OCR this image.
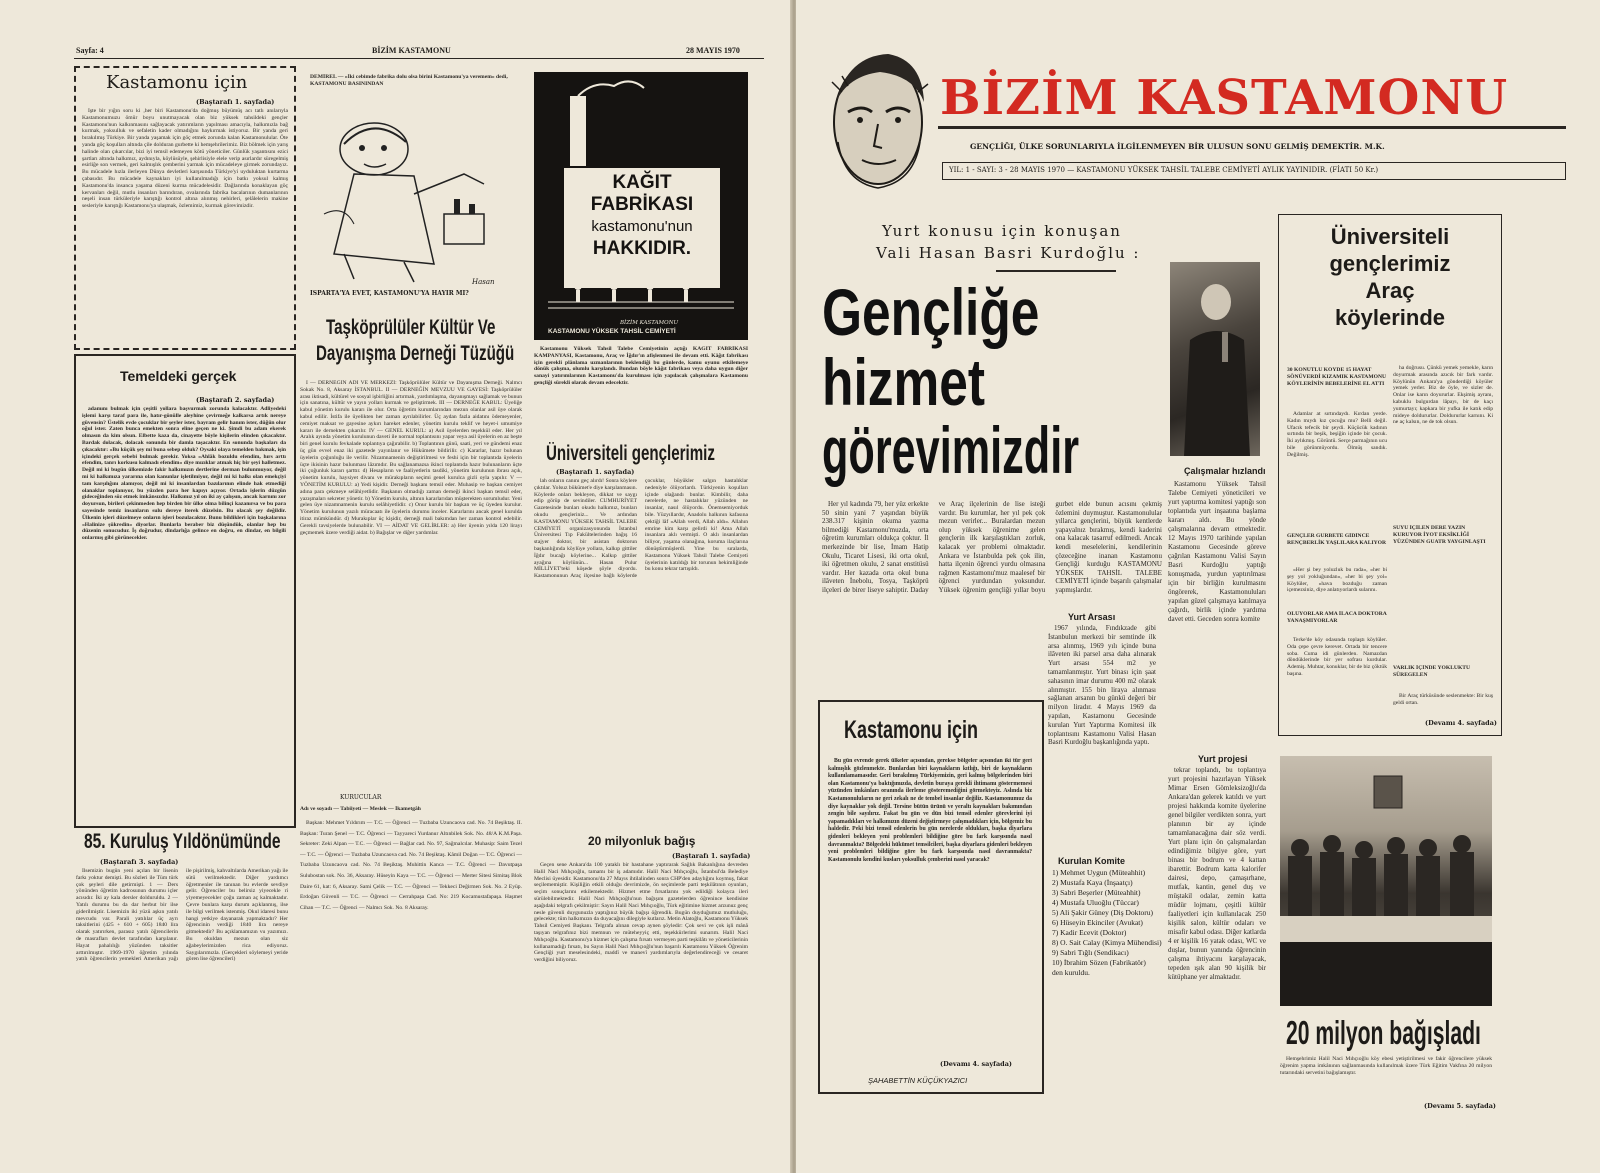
Sayfa: 4	BİZİM KASTAMONU	28 MAYIS 1970
Kastamonu için
(Baştarafı 1. sayfada)

İşte bir yığın soru ki ,her biri Kastamonu'da doğmuş büyümüş acı tatlı anılarıyla Kastamonumuzu ömür boyu unutmayacak olan biz yüksek tahsildeki gençler Kastamonu'nun kalkınmasını sağlayacak yatırımların yapılması amacıyla, halkımızla bağ kurmak, yoksulluk ve sefaletin kader olmadığını haykırmak istiyoruz. Bir yanda geri bırakılmış Türkiye. Bir yanda yaşamak için göç etmek zorunda kalan Kastamonulular. Öte yanda göç koşulları altında çile dolduran gurbette ki hemşehrilerimiz. Biz bölmek için yarış halinde olan çıkarcılar, bizi iyi temsil edemeyen kötü yöneticiler. Günlük yaşantısını ezici şartları altında halkımız, aydınıyla, köylüsüyle, şehirlisiyle elele verip asırlardır süregelmiş esirliğe son vermek, geri kalmışlık çemberini yarmak için mücadeleye girmek zorundayız. Bu mücadele hızla ilerleyen Dünya devletleri karşısında Türkiye'yi uyduluktan kurtarma çabasıdır. Bu mücadele kaynakları iyi kullanılmadığı için batkı yoksul kalmış Kastamonu'da insanca yaşama düzeni kurma mücadelesidir. Dağlarında konaklayan göç kervanları değil, mutlu insanları barındıran, ovalarında fabrika bacalarının dumanlarının neşeli insan türküleriyle karıştığı kontrol altına alınmış nehirleri, şelâlelerin makine sesleriyle karıştığı Kastamonu'ya ulaşmak, özlemimiz, kurmak görevimizdir.

DEMİREL — «İki cebimde fabrika dolu olsa birini Kastamonu'ya veremem» dedi, KASTAMONU BASININDAN
Hasan
ISPARTA'YA EVET, KASTAMONU'YA HAYIR MI?
Taşköprülüler Kültür Ve
Dayanışma Derneği Tüzüğü
KAĞIT
FABRİKASI
kastamonu'nun
HAKKIDIR.
BİZİM KASTAMONU
KASTAMONU YÜKSEK TAHSİL CEMİYETİ

Kastamonu Yüksek Tahsil Talebe Cemiyetinin açtığı KAĞIT FABRİKASI KAMPANYASI, Kastamonu, Araç ve İğdır'ın afişlenmesi ile devam etti. Kâğıt fabrikası için gerekli plânlama uzmanlarının beklendiği bu günlerde, kamu oyunu etkilemeye dönük çalışma, olumlu karşılandı. Bundan böyle kâğıt fabrikası veya daha uygun diğer sanayi yatırımlarının Kastamonu'da kurulması için yapılacak çalışmalara Kastamonu gençliği sürekli olarak devam edecektir.

Temeldeki gerçek
(Baştarafı 2. sayfada)

adamını bulmak için çeşitli yollara başvurmak zorunda kalacaktır. Adliyedeki işlemi karşı taraf para ile, hatır-gönülle aleyhine çevirmeğe kalkarsa artık nereye güvensin? Üstelik evde çocuklar bir şeyler ister, bayram gelir hanım ister, düğün olur oğul ister. Zaten bunca emekten sonra eline geçen ne ki. Şimdi bu adam ekerek olmasın da kim olsun. Elbette kaza da, cinayette böyle kişilerin elinden çıkacaktır. Bardak dolacak, dolacak sonunda bir damla taşacaktır. En sonunda başkaları da çıkacaktır: «Bu küçük şey mi buna sebep olduk? Oysaki olaya temelden bakmak, işin içindeki gerçek sebebi bulmak gerekir. Yoksa «Ahlâk bozuldu efendim, hırs arttı efendim, tanrı korkusu kalmadı efendim» diye mızıklar atmak hiç bir şeyi halletmez. Değil mi ki bugün ülkemizde fakir halkımızın dertlerine derman bulunmuyor, değil mi ki halkımıza yararına olan kanunlar işletilmiyor, değil mi ki halkı olan emekçiyi tam karşılığını alamıyor, değil mi ki insanlardan bazılarının elinde hak etmediği olanaklar toplanıyor, bu yüzden para her kapıyı açıyor. Ortada işlerin düzgün gideceğinden söz etmek imkânsızdır. Halkımız yıl on iki ay çalışsın, ancak karnını zor doyursun, birileri çekinmeden hep birden bir ülke olma bilinçi kazanırsa ve bu para sayesinde temiz insanların sulu dereye iterek düzelsin. Bu olacak şey değildir. Ülkenin işleri düzelmeye onların işleri bozulacaktır. Bunu bildikleri için başkalarına «Halinize şükredin» diyorlar. Bunlarla beraber biz düşündük, olanlar hep bu düzenin sonucudur. İş doğrudur, dindarlığa gelince en doğru, en dindar, en bilgili onlarmış gibi görünecekler.

I — DERNEĞİN ADI VE MERKEZİ: Taşköprülüler Kültür ve Dayanışma Derneği. Nalmcı Sokak No. 8, Aksaray İSTANBUL. II — DERNEĞİN MEVZUU VE GAYESİ: Taşköprülüler arası iktisadi, kültürel ve sosyal işbirliğini artırmak, yardımlaşma, dayanışmayı sağlamak ve bunun için sanatına, kültür ve yayın yolları kurmak ve geliştirmek. III — DERNEĞE KABUL: Üyeliğe kabul yönetim kurulu kararı ile olur. Orta öğretim kurumlarından mezun olanlar asil üye olarak kabul edilir. İstifa ile üyelikten her zaman ayrılabilirler. Üç aydan fazla aidatını ödemeyenler, cemiyet maksat ve gayesine aykırı hareket edenler, yönetim kurulu teklif ve heyet-i umumiye kararı ile dernekten çıkarılır. IV — GENEL KURUL: a) Asil üyelerden teşekkül eder. Her yıl Aralık ayında yönetim kurulunun daveti ile normal toplantısını yapar veya asil üyelerin en az beşte biri genel kurulu fevkalade toplantıya çağırabilir. b) Toplantının günü, saati, yeri ve gündemi enaz üç gün evvel enaz iki gazetede yayınlanır ve Hükümete bildirilir. c) Kararlar, hazır bulunan üyelerin çoğunluğu ile verilir. Nizamnamenin değiştirilmesi ve feshi için bir toplantıda üyelerin üçte ikisinin hazır bulunması lâzımdır. Bu sağlanamazsa ikinci toplantıda hazır bulunanların üçte iki çoğunluk kararı şarttır. d) Hesapların ve faaliyetlerin tasdiki, yönetim kurulunun ibrası açık, yönetim kurulu, haysiyet divanı ve mürakıpların seçimi genel kurulca gizli oyla yapılır. V — YÖNETİM KURULU: a) Yedi kişidir. Derneği başkanı temsil eder. Muhasip ve başkan cemiyet adına para çekmeye selâhiyetlidir. Başkanın olmadığı zaman derneği ikinci başkan temsil eder, yazışmaları sekreter yönetir. b) Yönetim kurulu, altının kararlarıdan müşterekten sorumludur. Yeni gelen üye nizamnamenin kurulu selâhiyetlidir. c) Onur kurulu bir başkan ve üç üyeden kurulur. Yönetim kurulunun yazılı müracaatı ile üyelerin durumu inceler. Kararlarını ancak genel kurulda itiraz mümkündür. d) Murakıplar üç kişidir, derneği mali bakımdan her zaman kontrol edebilir. Gerekli tavsiyelerde bulunabilir. VI — AİDAT VE GELİRLER: a) Her üyenin yılda 120 lirayı geçmemek üzere verdiği aidat. b) Bağışlar ve diğer yardımlar.

KURUCULAR
Adı ve soyadı — Tabiiyeti — Meslek — İkametgâh

Başkan: Mehmet Yıldırım — T.C. — Öğrenci — Tuzbaba Uzuncaova cad. No. 74 Beşiktaş. II. Başkan: Turan Şenel — T.C. Öğrenci — Tayyareci Yurdanur Altınbilek Sok. No. 48/A K.M.Paşa. Sekreter: Zeki Alpan — T.C. — Öğrenci — Bağlar cad. No. 97, Sağmalcılar. Muhasip: Saim Tezel — T.C. — Öğrenci — Tuzbaba Uzuncaova cad. No. 74 Beşiktaş. Kâmil Doğan — T.C. Öğrenci — Tuzbaba Uzuncaova cad. No. 74 Beşiktaş. Muhittin Kanca — T.C. Öğrenci — Davutpaşa Sulubostan sok. No. 36, Aksaray. Hüseyin Kaya — T.C. — Öğrenci — Merter Sitesi Simitaş Blok Daire 61, kat: 6, Aksaray. Sami Çelik — T.C. — Öğrenci — Tekkeci Değirmen Sok. No. 2 Eyüp. Erdoğan Güvenli — T.C. — Öğrenci — Cerrahpaşa Cad. No: 219 Kocamustafapaşa. Haşmet Cihan — T.C. — Öğrenci — Nalmcı Sok. No. 8 Aksaray.

85. Kuruluş Yıldönümünde
(Baştarafı 3. sayfada)

İlsemizin bugün yeni açılan bir lisenin farkı yoktur demişti. Bu sözleri ile Tüm türk çok şeyleri dile getirmişti. 1 — Ders yönünden öğretim kadrosunun durumu içler acısıdır. İki ay kala dersler dolduruldu. 2 — Yatılı durumu bu da dar herbut bir ilse giderilmiştir. Lisemizin iki yüzü aşkın yatılı mevcudu var. Parali yatılılar üç ayrı taksitlerini (425 + 610 + 605) 1840 lira olarak yatırırken, parasız yatılı öğrencilerin de masrafları devlet tarafından karşılanır. Hayat pahalılığı yüzünden taksitler arttırılmıştır. 1969-1970 öğretim yılında yatılı öğrencilerin yemekleri Amerikan yağı ile pişirilmiş, kahvaltılarda Amerikan yağı ile sütü verilmektedir. Diğer yardımcı öğretmenler ile tanınan bu evlerde sevdiye gelir. Öğrenciler bu belirsiz yiyecekle ri yiyemeyecekler çoğu zaman aç kalmaktadır. Çevre bunlara karşı durum açıklanmış, ilse ile bilgi verilmek istenmiş. Okul idaresi bunu hangi yetkiye dayanarak yapmaktadır? Her öğrencinin verdiği 1840 lira nereye gitmektedir? Bu açıklamamızın vu yazımızı. Bu okuldan mezun olan siz ağabeylerimizden rica ediyoruz. Saygılarımızla. (Gerçekleri söylemeyi yeride gören lise öğrencileri)

Üniversiteli gençlerimiz
(Baştarafı 1. sayfada)

lah onların canını geç alırdı! Sonra köylere çıktılar. Yolsuz bükümet'e diye karşılanmasın. Köylerde onları bekleyen, dikkat ve saygı edip görüp de sevindiler. CUMHURİYET Gazetesinde bunları okudu halkımız, bunları okudu gençleriniz... Ve ardından KASTAMONU YÜKSEK TAHSİL TALEBE CEMİYETİ organizasyonunda İstanbul Üniversitesi Tıp Fakültelerinden bağış 16 stajyer doktor, bir asistan doktorun başkanlığında köylüye yollara, kalkıp gittiler İğdır bucağı köylerine... Kalkıp gittiler ayağına köylünün... Hasan Pulur MİLLİYET'teki köşede şöyle diyordu. Kastamonunun Araç ilçesine bağlı köylerde çocuklar, büyükler salgın hastalıklar nedeniyle ölüyorlardı. Türkiyenin koşulları içinde olağandı bunlar. Kimbilir, daha nerelerde, ne hastalıklar yüzünden ne insanlar, nasıl ölüyordu. Önemsemiyorduk bile. Yüzyıllardır, Anadolu halkının kafasına çektiği lâf «Allah verdi, Allah aldı». Allahın emrine kim karşı gelirdi ki! Ama Allah insanlara aklı vermişti. O aklı insanlardan biliyor, yaşama olanağına, koruma ilaçlarına dönüştürmüşlerdi. Yine bu sıralarda, Kastamonu Yüksek Tahsil Talebe Cemiyeti üyelerinin katıldığı bir torunun hekimliğinde bu konu tekrar tartışıldı.

20 milyonluk bağış
(Baştarafı 1. sayfada)

Geçen sene Ankara'da 100 yataklı bir hastahane yaptırarak Sağlık Bakanlığına devreden Halil Naci Mıhçıoğlu, tamamı bir iş adamıdır. Halil Naci Mıhçıoğlu, İstanbul'da Belediye Meclisi üyesidir. Kastamonu'da 27 Mayıs ihtilalinden sonra CHP'den adaylığını koymuş, fakat seçilememiştir. Kişiliğin etkili olduğu devrimizde, ön seçimlerde parti teşkilâtının oyunları, seçim sonuçlarını etkilemektedir. Hizmet etme fırsatlarını yok edildiği kolayca ileri sürülebilmektedir. Halil Naci Mıhçıoğlu'nun bağışını gazetelerden öğrenince kendisine aşağıdaki telgrafı çekilmiştir: Sayın Halil Naci Mıhçıoğlu, Türk eğitimine hizmet arzunuz genç nesle güvenli duygunuzla yaptığınız büyük bağışı öğrendik. Bugün duyduğumuz mutluluğu, gelecekte; tüm halkımızın da duyacağını dilegiyle kutlarız. Metin Alatoğlu, Kastamonu Yüksek Tahsil Cemiyeti Başkanı. Telgrafa alınan cevap aynen şöyledir: Çok sevi ve çok işli mânâ taşıyan telgrafınız bizi memnun ve müteheyyiç etti, teşekkürlerimi sunarım. Halil Naci Mıhçıoğlu. Kastamonu'ya hizmet için çalışma fırsatı vermeyen parti teşkilâtı ve yöneticilerinin kullanamadığı fırsatı, bu Sayın Halil Naci Mıhçıoğlu'nun başarılı Kastamonu Yüksek Öğrenim Gençliği yurt meselesindeki, maddî ve manevî yardımlarıyla değerlendireceği ve cesaret verdiğini biliyoruz.

BİZİM KASTAMONU
GENÇLİĞI, ÜLKE SORUNLARIYLA İLGİLENMEYEN BİR ULUSUN SONU GELMİŞ DEMEKTİR. M.K.
YIL: 1 - SAYI: 3 - 28 MAYIS 1970 — KASTAMONU YÜKSEK TAHSİL TALEBE CEMİYETİ AYLIK YAYINIDIR. (FİATI 50 Kr.)
Yurt konusu için konuşan
Vali Hasan Basri Kurdoğlu :
Gençliğe
hizmet
görevimizdir

Her yıl kadında 79, her yüz erkekte 50 sinin yani 7 yaşından büyük 238.317 kişinin okuma yazma bilmediği Kastamonu'muzda, orta öğretim kurumları oldukça çoktur. İl merkezinde bir lise, İmam Hatip Okulu, Ticaret Lisesi, iki orta okul, iki öğretmen okulu, 2 sanat enstitüsü vardır. Her kazada orta okul buna ilâveten İnebolu, Tosya, Taşköprü ilçeleri de birer liseye sahiptir. Daday ve Araç ilçelerinin de lise isteği vardır. Bu kurumlar, her yıl pek çok mezun verirler... Buralardan mezun olup yüksek öğrenime gelen gençlerin ilk karşılaştıkları zorluk, kalacak yer problemi olmaktadır. Ankara ve İstanbulda pek çok ilin, hatta ilçenin öğrenci yurdu olmasına rağmen Kastamonu'muz maalesef bir öğrenci yurdundan yoksundur. Yüksek öğrenim gençliği yıllar boyu gurbet elde bunun acısını çekmiş özlemini duymuştur. Kastamonulular yıllarca gençlerini, büyük kentlerde yapayalnız bırakmış, kendi kaderini ona kalacak tasarruf edilmedi. Ancak kendi meselelerini, kendilerinin çözeceğine inanan Kastamonu Gençliği kurduğu KASTAMONU YÜKSEK TAHSİL TALEBE CEMİYETİ içinde başarılı çalışmalar yapmışlardır.

Yurt Arsası

1967 yılında, Fındıkzade gibi İstanbulun merkezi bir semtinde ilk arsa alınmış, 1969 yılı içinde buna ilâveten iki parsel arsa daha alınarak Yurt arsası 554 m2 ye tamamlanmıştır. Yurt binası için şaat sahasının imar durumu 400 m2 olarak alınmıştır. 155 bin liraya alınması sağlanan arsanın bu günkü değeri bir milyon liradır. 4 Mayıs 1969 da yapılan, Kastamonu Gecesinde kurulan Yurt Yaptırma Komitesi ilk toplantısını Kastamonu Valisi Hasan Basri Kurdoğlu başkanlığında yaptı.

Kurulan Komite
1) Mehmet Uygun (Müteahhit)
2) Mustafa Kaya (İnşaatçı)
3) Sabri Beşerler (Müteahhit)
4) Mustafa Uluoğlu (Tüccar)
5) Ali Şakir Güney (Diş Doktoru)
6) Hüseyin Ekinciler (Avukat)
7) Kadir Ecevit (Doktor)
8) O. Sait Calay (Kimya Mühendisi)
9) Sabri Tığlı (Sendikacı)
10) İbrahim Sözen (Fabrikatör)
den kuruldu.
Kastamonu için

Bu gün evrende gerek ülkeler açısından, gerekse bölgeler açısından iki tür geri kalmışlık gözlenmekte. Bunlardan biri kaynakların kıtlığı, biri de kaynakların kullanılamamasıdır. Geri bırakılmış Türkiyemizin, geri kalmış bölgelerinden biri olan Kastamonu'ya baktığımızda, devletin buraya gerekli ihtimamı göstermemesi yüzünden imkânları oranında ilerleme gösteremediğini görmekteyiz. Aslında biz Kastamonuluların ne geri zekalı ne de tembel insanlar değiliz. Kastamonumuz da diye kaynaklar yok değil. Tersine bütün ürünü ve yeraltı kaynakları bakımından zengin bile sayılırız. Fakat bu gün ve dün bizi temsil edenler görevlerini iyi yapamadıkları ve halkımızın düzeni değiştirmeye çalışmadıkları için, bölgemiz bu haldedir. Peki bizi temsil edenlerin bu gün nerelerde oldukları, başka diyarlara gidenleri bekleyen yeni problemleri bildiğine göre bu fark karşısında nasıl davranmakta? Bölgedeki hükümet temsilcileri, başka diyarlara gidenleri bekleyen yeni problemleri bildiğine göre bu fark karşısında nasıl davranmakta? Kastamonulu kendini kusları yoksulluk çemberini nasıl yaracak?

(Devamı 4. sayfada)
ŞAHABETTİN KÜÇÜKYAZICI
Çalışmalar hızlandı

Kastamonu Yüksek Tahsil Talebe Cemiyeti yöneticileri ve yurt yaptırma komitesi yaptığı son toplantıda yurt inşaatına başlama kararı aldı. Bu yönde çalışmalarına devam etmektedir. 12 Mayıs 1970 tarihinde yapılan Kastamonu Gecesinde göreve çağrılan Kastamonu Valisi Sayın Basri Kurdoğlu yaptığı konuşmada, yurdun yaptırılması için bir birliğin kurulmasını öngörerek, Kastamonuluları yapılan güzel çalışmaya katılmaya çağırdı, birlik içinde yardıma davet etti. Geceden sonra komite

Yurt projesi

tekrar toplandı, bu toplantıya yurt projesini hazırlayan Yüksek Mimar Ersen Gömleksizoğlu'da Ankara'dan gelerek katıldı ve yurt projesi hakkında komite üyelerine genel bilgiler verdikten sonra, yurt planının bir ay içinde tamamlanacağına dair söz verdi. Yurt planı için ön çalışmalardan edindiğimiz bilgiye göre, yurt binası bir bodrum ve 4 kattan ibarettir. Bodrum katta kalorifer dairesi, depo, çamaşırhane, mutfak, kantin, genel duş ve müştakil odalar, zemin katta müdür lojmanı, çeşitli kültür faaliyetleri için kullanılacak 250 kişilik salon, kültür odaları ve misafir kabul odası. Diğer katlarda 4 er kişilik 16 yatak odası, WC ve duşlar, bunun yanında öğrencinin çalışma ihtiyacını karşılayacak, tepeden ışık alan 90 kişilik bir kütüphane yer almaktadır.

Üniversiteli
gençlerimiz
Araç
köylerinde
30 KONUTLU KÖYDE 15 HAYAT SÖNÜVERDİ KIZAMIK KASTAMONU KÖYLERİNİN BEBELERİNE EL ATTI

Adamlar at sırtındaydı. Kırdan yerde. Kadın mıydı kız çocuğu mu? Belli değil. Ufacık tefecik bir şeydi. Küçücük kadının sırtında bir beşik, beşiğin içinde bir çocuk. İki aylıkmış. Görüntü. Serçe parmağının ucu bile görünmüyordu. Ölmüş sandık. Değilmiş.

GENÇLER GURBETE GİDİNCE RENÇBERLİK YAŞLILARA KALIYOR

«Her şi bey yoluzluk bu rada», «her bi şey yol yokluğundan», «her bi şey yol» Köylüler, «hava bozduğu zaman içemezsiniz, diye anlatıyorlardı sularını.

ÖLÜYORLAR AMA İLACA DOKTORA YANAŞMIYORLAR

Terke'de köy odasında toplaştı köylüler. Oda çepe çevre kerevet. Ortada bir tencere soba. Cuma idi günlerden. Namazdan döndüklerinde bir yer sofrası kurdular. Ademiş. Muhtar, konuklar, bir de biz çöktük başına.

ha doğrusu. Çünkü yemek yemekle, karın doyurmak arasında azıcık bir fark vardır. Köylünün Ankara'ya gönderdiği köyüler yemek yerler. Biz de öyle, ve sizler de. Onlar ise karın doyururlar. Ekşimiş ayranı, kabuklu bulgurdan lâpayı, bir de kaçı yumurtayı; kapkara bir yufka ile katık edip mideye doldururlar. Doldururlar karnını. Ki ne aç kalsın, ne de tok olsun.

SUYU İÇİLEN DERE YAZIN KURUYOR İYOT EKSİKLİĞİ YÜZÜNDEN GUATR YAYGINLAŞTI
VARLIK İÇİNDE YOKLUKTU SÜREGELEN

Bir Araç türküsünde seslenmekte: Bir kuş geldi ortan.

(Devamı 4. sayfada)
20 milyon bağışladı

Hemşehrimiz Halil Naci Mıhçıoğlu köy ebesi yetiştirilmesi ve fakir öğrencilere yüksek öğrenim yapma imkânının sağlanmasında kullanılmak üzere Türk Eğitim Vakfına 20 milyon tutarındaki servetini bağışlamıştır.

(Devamı 5. sayfada)
